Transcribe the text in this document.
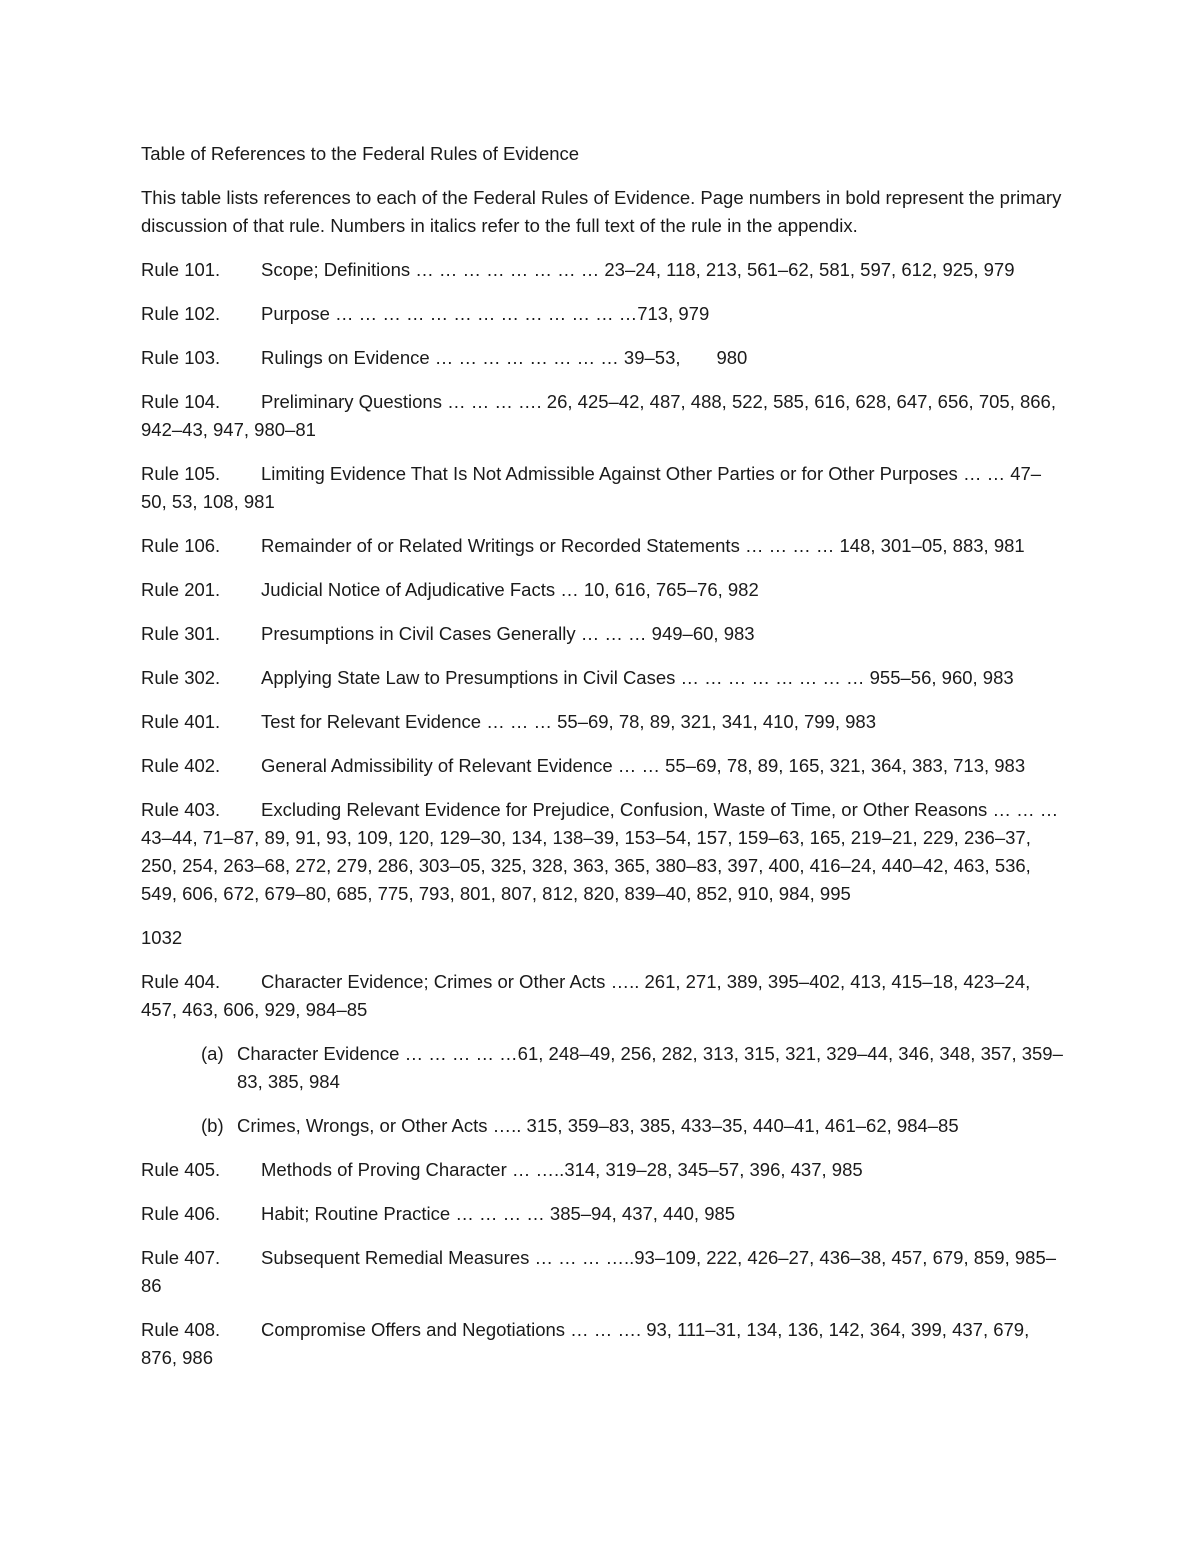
Table of References to the Federal Rules of Evidence

This table lists references to each of the Federal Rules of Evidence. Page numbers in bold represent the primary discussion of that rule. Numbers in italics refer to the full text of the rule in the appendix.

Rule 101. Scope; Definitions … … … … … … … … 23–24, 118, 213, 561–62, 581, 597, 612, 925, 979

Rule 102. Purpose … … … … … … … … … … … … …713, 979

Rule 103. Rulings on Evidence … … … … … … … … 39–53,       980

Rule 104. Preliminary Questions … … … …. 26, 425–42, 487, 488, 522, 585, 616, 628, 647, 656, 705, 866, 942–43, 947, 980–81

Rule 105. Limiting Evidence That Is Not Admissible Against Other Parties or for Other Purposes … … 47–50, 53, 108, 981

Rule 106. Remainder of or Related Writings or Recorded Statements … … … … 148, 301–05, 883, 981

Rule 201. Judicial Notice of Adjudicative Facts … 10, 616, 765–76, 982

Rule 301. Presumptions in Civil Cases Generally … … … 949–60, 983

Rule 302. Applying State Law to Presumptions in Civil Cases … … … … … … … … 955–56, 960, 983

Rule 401. Test for Relevant Evidence … … … 55–69, 78, 89, 321, 341, 410, 799, 983

Rule 402. General Admissibility of Relevant Evidence … … 55–69, 78, 89, 165, 321, 364, 383, 713, 983

Rule 403. Excluding Relevant Evidence for Prejudice, Confusion, Waste of Time, or Other Reasons … … …43–44, 71–87, 89, 91, 93, 109, 120, 129–30, 134, 138–39, 153–54, 157, 159–63, 165, 219–21, 229, 236–37, 250, 254, 263–68, 272, 279, 286, 303–05, 325, 328, 363, 365, 380–83, 397, 400, 416–24, 440–42, 463, 536, 549, 606, 672, 679–80, 685, 775, 793, 801, 807, 812, 820, 839–40, 852, 910, 984, 995

1032

Rule 404. Character Evidence; Crimes or Other Acts ….. 261, 271, 389, 395–402, 413, 415–18, 423–24, 457, 463, 606, 929, 984–85

(a) Character Evidence … … … … …61, 248–49, 256, 282, 313, 315, 321, 329–44, 346, 348, 357, 359–83, 385, 984

(b) Crimes, Wrongs, or Other Acts ….. 315, 359–83, 385, 433–35, 440–41, 461–62, 984–85

Rule 405. Methods of Proving Character … …..314, 319–28, 345–57, 396, 437, 985

Rule 406. Habit; Routine Practice … … … … 385–94, 437, 440, 985

Rule 407. Subsequent Remedial Measures … … … …..93–109, 222, 426–27, 436–38, 457, 679, 859, 985–86

Rule 408. Compromise Offers and Negotiations … … …. 93, 111–31, 134, 136, 142, 364, 399, 437, 679, 876, 986
